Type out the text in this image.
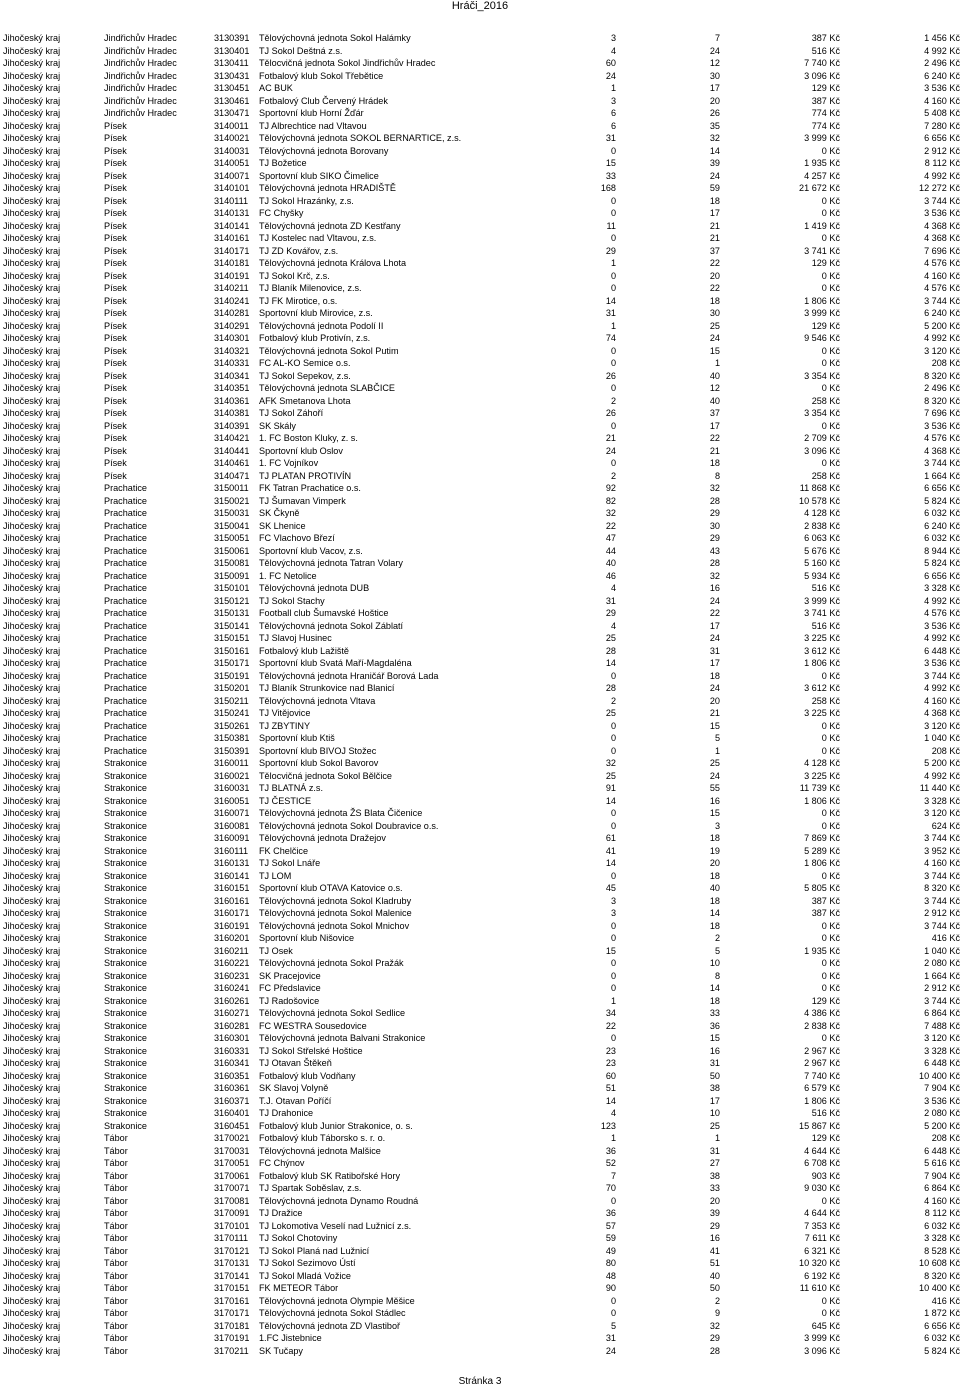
Hráči_2016
Jihočeský kraj	Jindřichův Hradec	3130391 Tělovýchovná jednota Sokol Halámky	3	7	387 Kč	1 456 Kč
Jihočeský kraj	Jindřichův Hradec	3130401 TJ Sokol Deštná z.s.	4	24	516 Kč	4 992 Kč
Jihočeský kraj	Jindřichův Hradec	3130411 Tělocvičná jednota Sokol Jindřichův Hradec	60	12	7 740 Kč	2 496 Kč
Jihočeský kraj	Jindřichův Hradec	3130431 Fotbalový klub Sokol Třebětice	24	30	3 096 Kč	6 240 Kč
Jihočeský kraj	Jindřichův Hradec	3130451 AC BUK	1	17	129 Kč	3 536 Kč
Jihočeský kraj	Jindřichův Hradec	3130461 Fotbalový Club Červený Hrádek	3	20	387 Kč	4 160 Kč
Jihočeský kraj	Jindřichův Hradec	3130471 Sportovní klub Horní Žďár	6	26	774 Kč	5 408 Kč
Jihočeský kraj	Písek	3140011 TJ Albrechtice nad Vltavou	6	35	774 Kč	7 280 Kč
Jihočeský kraj	Písek	3140021 Tělovýchovná jednota SOKOL BERNARTICE, z.s.	31	32	3 999 Kč	6 656 Kč
Jihočeský kraj	Písek	3140031 Tělovýchovná jednota Borovany	0	14	0 Kč	2 912 Kč
Jihočeský kraj	Písek	3140051 TJ Božetice	15	39	1 935 Kč	8 112 Kč
Jihočeský kraj	Písek	3140071 Sportovní klub SIKO Čimelice	33	24	4 257 Kč	4 992 Kč
Jihočeský kraj	Písek	3140101 Tělovýchovná jednota HRADIŠTĚ	168	59	21 672 Kč	12 272 Kč
Jihočeský kraj	Písek	3140111 TJ Sokol Hrazánky, z.s.	0	18	0 Kč	3 744 Kč
Jihočeský kraj	Písek	3140131 FC Chyšky	0	17	0 Kč	3 536 Kč
Jihočeský kraj	Písek	3140141 Tělovýchovná jednota ZD Kestřany	11	21	1 419 Kč	4 368 Kč
Jihočeský kraj	Písek	3140161 TJ Kostelec nad Vltavou, z.s.	0	21	0 Kč	4 368 Kč
Jihočeský kraj	Písek	3140171 TJ ZD Kovářov, z.s.	29	37	3 741 Kč	7 696 Kč
Jihočeský kraj	Písek	3140181 Tělovýchovná jednota Králova Lhota	1	22	129 Kč	4 576 Kč
Jihočeský kraj	Písek	3140191 TJ Sokol Krč, z.s.	0	20	0 Kč	4 160 Kč
Jihočeský kraj	Písek	3140211 TJ Blaník Milenovice, z.s.	0	22	0 Kč	4 576 Kč
Jihočeský kraj	Písek	3140241 TJ FK Mirotice, o.s.	14	18	1 806 Kč	3 744 Kč
Jihočeský kraj	Písek	3140281 Sportovní klub Mirovice, z.s.	31	30	3 999 Kč	6 240 Kč
Jihočeský kraj	Písek	3140291 Tělovýchovná jednota Podolí II	1	25	129 Kč	5 200 Kč
Jihočeský kraj	Písek	3140301 Fotbalový klub Protivín, z.s.	74	24	9 546 Kč	4 992 Kč
Jihočeský kraj	Písek	3140321 Tělovýchovná jednota Sokol Putim	0	15	0 Kč	3 120 Kč
Jihočeský kraj	Písek	3140331 FC AL-KO Semice o.s.	0	1	0 Kč	208 Kč
Jihočeský kraj	Písek	3140341 TJ Sokol Sepekov, z.s.	26	40	3 354 Kč	8 320 Kč
Jihočeský kraj	Písek	3140351 Tělovýchovná jednota SLABČICE	0	12	0 Kč	2 496 Kč
Jihočeský kraj	Písek	3140361 AFK Smetanova Lhota	2	40	258 Kč	8 320 Kč
Jihočeský kraj	Písek	3140381 TJ Sokol Záhoří	26	37	3 354 Kč	7 696 Kč
Jihočeský kraj	Písek	3140391 SK Skály	0	17	0 Kč	3 536 Kč
Jihočeský kraj	Písek	3140421 1. FC Boston Kluky, z. s.	21	22	2 709 Kč	4 576 Kč
Jihočeský kraj	Písek	3140441 Sportovní klub Oslov	24	21	3 096 Kč	4 368 Kč
Jihočeský kraj	Písek	3140461 1. FC Vojníkov	0	18	0 Kč	3 744 Kč
Jihočeský kraj	Písek	3140471 TJ PLATAN PROTIVÍN	2	8	258 Kč	1 664 Kč
Jihočeský kraj	Prachatice	3150011 FK Tatran Prachatice o.s.	92	32	11 868 Kč	6 656 Kč
Jihočeský kraj	Prachatice	3150021 TJ Šumavan Vimperk	82	28	10 578 Kč	5 824 Kč
Jihočeský kraj	Prachatice	3150031 SK Čkyně	32	29	4 128 Kč	6 032 Kč
Jihočeský kraj	Prachatice	3150041 SK Lhenice	22	30	2 838 Kč	6 240 Kč
Jihočeský kraj	Prachatice	3150051 FC Vlachovo Březí	47	29	6 063 Kč	6 032 Kč
Jihočeský kraj	Prachatice	3150061 Sportovní klub Vacov, z.s.	44	43	5 676 Kč	8 944 Kč
Jihočeský kraj	Prachatice	3150081 Tělovýchovná jednota Tatran Volary	40	28	5 160 Kč	5 824 Kč
Jihočeský kraj	Prachatice	3150091 1. FC Netolice	46	32	5 934 Kč	6 656 Kč
Jihočeský kraj	Prachatice	3150101 Tělovýchovná jednota DUB	4	16	516 Kč	3 328 Kč
Jihočeský kraj	Prachatice	3150121 TJ Sokol Stachy	31	24	3 999 Kč	4 992 Kč
Jihočeský kraj	Prachatice	3150131 Football club Šumavské Hoštice	29	22	3 741 Kč	4 576 Kč
Jihočeský kraj	Prachatice	3150141 Tělovýchovná jednota Sokol Záblatí	4	17	516 Kč	3 536 Kč
Jihočeský kraj	Prachatice	3150151 TJ Slavoj Husinec	25	24	3 225 Kč	4 992 Kč
Jihočeský kraj	Prachatice	3150161 Fotbalový klub Lažiště	28	31	3 612 Kč	6 448 Kč
Jihočeský kraj	Prachatice	3150171 Sportovní klub Svatá Maří-Magdaléna	14	17	1 806 Kč	3 536 Kč
Jihočeský kraj	Prachatice	3150191 Tělovýchovná jednota Hraničář Borová Lada	0	18	0 Kč	3 744 Kč
Jihočeský kraj	Prachatice	3150201 TJ Blaník Strunkovice nad Blanicí	28	24	3 612 Kč	4 992 Kč
Jihočeský kraj	Prachatice	3150211 Tělovýchovná jednota Vltava	2	20	258 Kč	4 160 Kč
Jihočeský kraj	Prachatice	3150241 TJ Vitějovice	25	21	3 225 Kč	4 368 Kč
Jihočeský kraj	Prachatice	3150261 TJ ZBYTINY	0	15	0 Kč	3 120 Kč
Jihočeský kraj	Prachatice	3150381 Sportovní klub Ktiš	0	5	0 Kč	1 040 Kč
Jihočeský kraj	Prachatice	3150391 Sportovní klub BIVOJ Stožec	0	1	0 Kč	208 Kč
Jihočeský kraj	Strakonice	3160011 Sportovní klub Sokol Bavorov	32	25	4 128 Kč	5 200 Kč
Jihočeský kraj	Strakonice	3160021 Tělocvičná jednota Sokol Bělčice	25	24	3 225 Kč	4 992 Kč
Jihočeský kraj	Strakonice	3160031 TJ BLATNÁ z.s.	91	55	11 739 Kč	11 440 Kč
Jihočeský kraj	Strakonice	3160051 TJ ČESTICE	14	16	1 806 Kč	3 328 Kč
Jihočeský kraj	Strakonice	3160071 Tělovýchovná jednota ŽS Blata Čičenice	0	15	0 Kč	3 120 Kč
Jihočeský kraj	Strakonice	3160081 Tělovýchovná jednota Sokol Doubravice o.s.	0	3	0 Kč	624 Kč
Jihočeský kraj	Strakonice	3160091 Tělovýchovná jednota Dražejov	61	18	7 869 Kč	3 744 Kč
Jihočeský kraj	Strakonice	3160111 FK Chelčice	41	19	5 289 Kč	3 952 Kč
Jihočeský kraj	Strakonice	3160131 TJ Sokol Lnáře	14	20	1 806 Kč	4 160 Kč
Jihočeský kraj	Strakonice	3160141 TJ LOM	0	18	0 Kč	3 744 Kč
Jihočeský kraj	Strakonice	3160151 Sportovní klub OTAVA Katovice o.s.	45	40	5 805 Kč	8 320 Kč
Jihočeský kraj	Strakonice	3160161 Tělovýchovná jednota Sokol Kladruby	3	18	387 Kč	3 744 Kč
Jihočeský kraj	Strakonice	3160171 Tělovýchovná jednota Sokol Malenice	3	14	387 Kč	2 912 Kč
Jihočeský kraj	Strakonice	3160191 Tělovýchovná jednota Sokol Mnichov	0	18	0 Kč	3 744 Kč
Jihočeský kraj	Strakonice	3160201 Sportovní klub Nišovice	0	2	0 Kč	416 Kč
Jihočeský kraj	Strakonice	3160211 TJ Osek	15	5	1 935 Kč	1 040 Kč
Jihočeský kraj	Strakonice	3160221 Tělovýchovná jednota Sokol Pražák	0	10	0 Kč	2 080 Kč
Jihočeský kraj	Strakonice	3160231 SK Pracejovice	0	8	0 Kč	1 664 Kč
Jihočeský kraj	Strakonice	3160241 FC Předslavice	0	14	0 Kč	2 912 Kč
Jihočeský kraj	Strakonice	3160261 TJ Radošovice	1	18	129 Kč	3 744 Kč
Jihočeský kraj	Strakonice	3160271 Tělovýchovná jednota Sokol Sedlice	34	33	4 386 Kč	6 864 Kč
Jihočeský kraj	Strakonice	3160281 FC WESTRA Sousedovice	22	36	2 838 Kč	7 488 Kč
Jihočeský kraj	Strakonice	3160301 Tělovýchovná jednota Balvani Strakonice	0	15	0 Kč	3 120 Kč
Jihočeský kraj	Strakonice	3160331 TJ Sokol Střelské Hoštice	23	16	2 967 Kč	3 328 Kč
Jihočeský kraj	Strakonice	3160341 TJ Otavan Štěkeň	23	31	2 967 Kč	6 448 Kč
Jihočeský kraj	Strakonice	3160351 Fotbalový klub Vodňany	60	50	7 740 Kč	10 400 Kč
Jihočeský kraj	Strakonice	3160361 SK Slavoj Volyně	51	38	6 579 Kč	7 904 Kč
Jihočeský kraj	Strakonice	3160371 T.J. Otavan Poříčí	14	17	1 806 Kč	3 536 Kč
Jihočeský kraj	Strakonice	3160401 TJ Drahonice	4	10	516 Kč	2 080 Kč
Jihočeský kraj	Strakonice	3160451 Fotbalový klub Junior Strakonice, o. s.	123	25	15 867 Kč	5 200 Kč
Jihočeský kraj	Tábor	3170021 Fotbalový klub Táborsko s. r. o.	1	1	129 Kč	208 Kč
Jihočeský kraj	Tábor	3170031 Tělovýchovná jednota Malšice	36	31	4 644 Kč	6 448 Kč
Jihočeský kraj	Tábor	3170051 FC Chýnov	52	27	6 708 Kč	5 616 Kč
Jihočeský kraj	Tábor	3170061 Fotbalový klub SK Ratibořské Hory	7	38	903 Kč	7 904 Kč
Jihočeský kraj	Tábor	3170071 TJ Spartak Soběslav, z.s.	70	33	9 030 Kč	6 864 Kč
Jihočeský kraj	Tábor	3170081 Tělovýchovná jednota Dynamo Roudná	0	20	0 Kč	4 160 Kč
Jihočeský kraj	Tábor	3170091 TJ Dražice	36	39	4 644 Kč	8 112 Kč
Jihočeský kraj	Tábor	3170101 TJ Lokomotiva Veselí nad Lužnicí z.s.	57	29	7 353 Kč	6 032 Kč
Jihočeský kraj	Tábor	3170111 TJ Sokol Chotoviny	59	16	7 611 Kč	3 328 Kč
Jihočeský kraj	Tábor	3170121 TJ Sokol Planá nad Lužnicí	49	41	6 321 Kč	8 528 Kč
Jihočeský kraj	Tábor	3170131 TJ Sokol Sezimovo Ústí	80	51	10 320 Kč	10 608 Kč
Jihočeský kraj	Tábor	3170141 TJ Sokol Mladá Vožice	48	40	6 192 Kč	8 320 Kč
Jihočeský kraj	Tábor	3170151 FK METEOR Tábor	90	50	11 610 Kč	10 400 Kč
Jihočeský kraj	Tábor	3170161 Tělovýchovná jednota Olympie Měšice	0	2	0 Kč	416 Kč
Jihočeský kraj	Tábor	3170171 Tělovýchovná jednota Sokol Stádlec	0	9	0 Kč	1 872 Kč
Jihočeský kraj	Tábor	3170181 Tělovýchovná jednota ZD Vlastiboř	5	32	645 Kč	6 656 Kč
Jihočeský kraj	Tábor	3170191 1.FC Jistebnice	31	29	3 999 Kč	6 032 Kč
Jihočeský kraj	Tábor	3170211 SK Tučapy	24	28	3 096 Kč	5 824 Kč
Stránka 3
